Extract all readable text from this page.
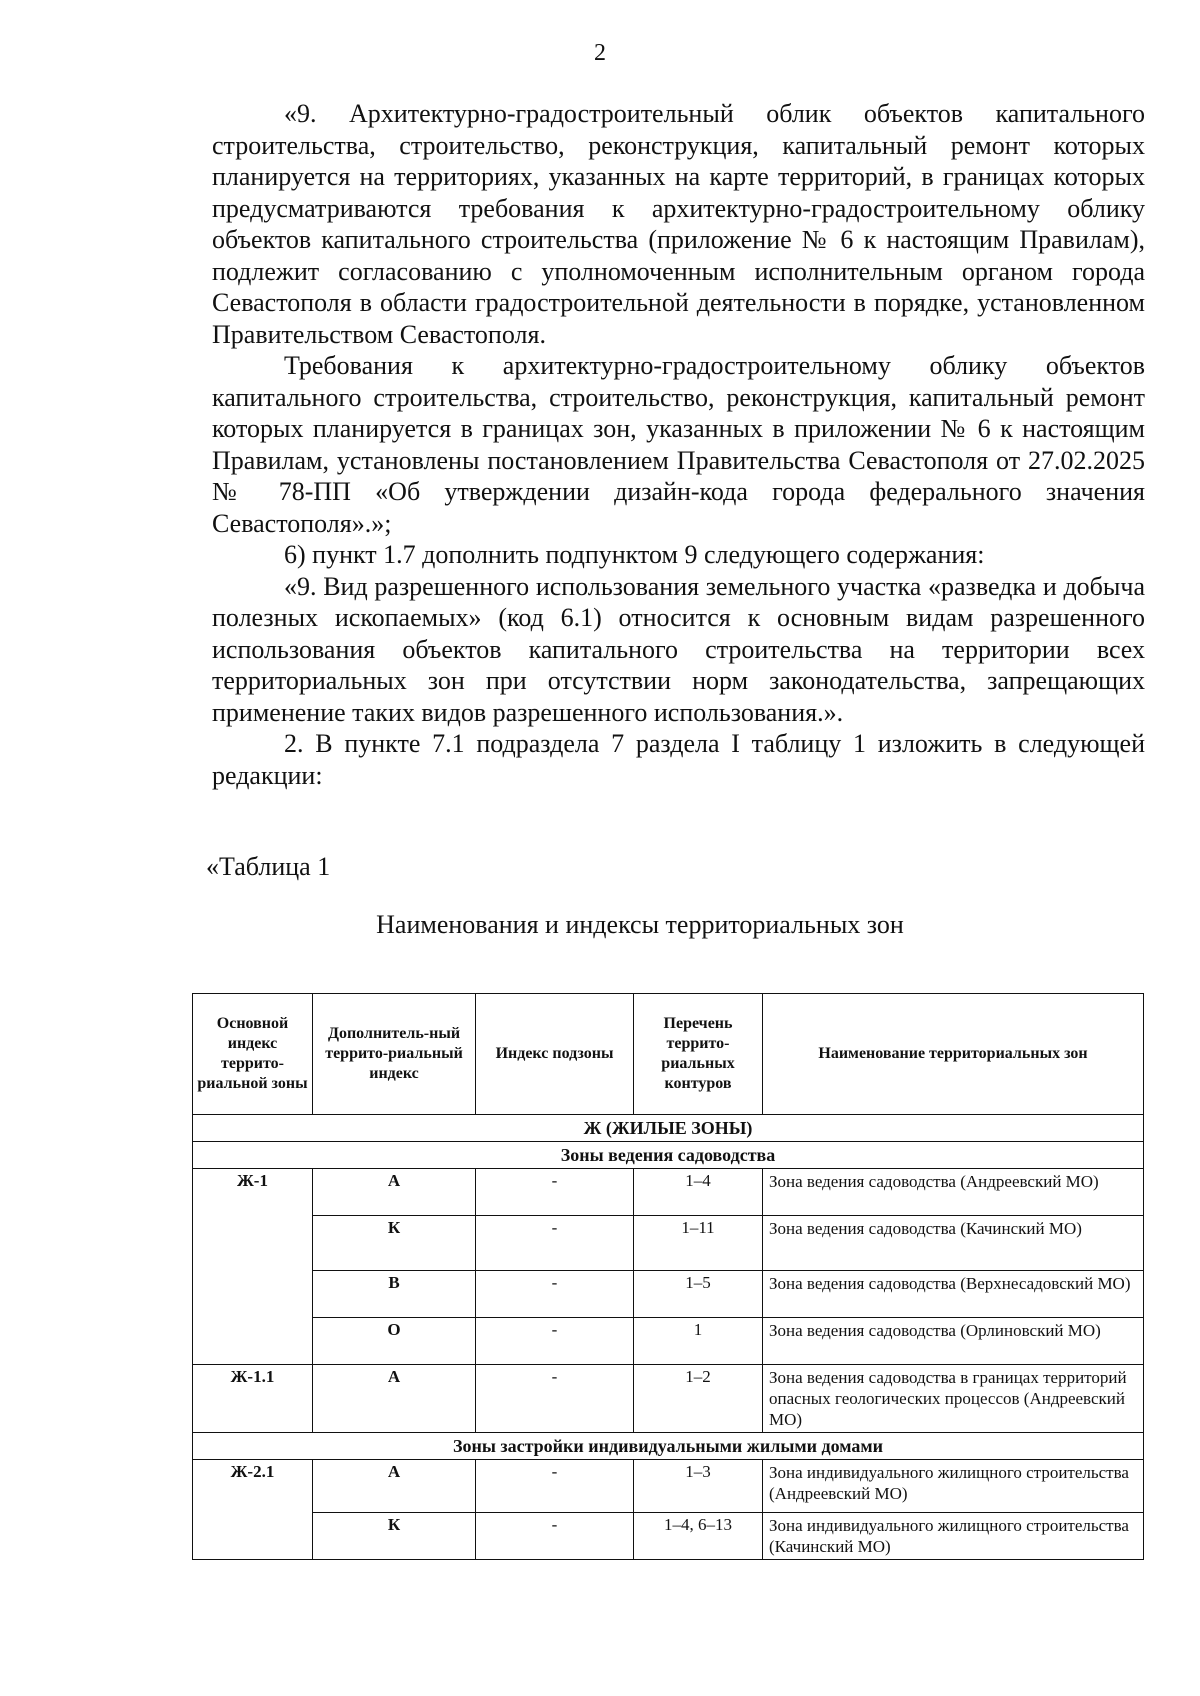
2

«9. Архитектурно-градостроительный облик объектов капитального строительства, строительство, реконструкция, капитальный ремонт которых планируется на территориях, указанных на карте территорий, в границах которых предусматриваются требования к архитектурно-градостроительному облику объектов капитального строительства (приложение № 6 к настоящим Правилам), подлежит согласованию с уполномоченным исполнительным органом города Севастополя в области градостроительной деятельности в порядке, установленном Правительством Севастополя.

Требования к архитектурно-градостроительному облику объектов капитального строительства, строительство, реконструкция, капитальный ремонт которых планируется в границах зон, указанных в приложении № 6 к настоящим Правилам, установлены постановлением Правительства Севастополя от 27.02.2025 № 78-ПП «Об утверждении дизайн-кода города федерального значения Севастополя».»;

6) пункт 1.7 дополнить подпунктом 9 следующего содержания:

«9. Вид разрешенного использования земельного участка «разведка и добыча полезных ископаемых» (код 6.1) относится к основным видам разрешенного использования объектов капитального строительства на территории всех территориальных зон при отсутствии норм законодательства, запрещающих применение таких видов разрешенного использования.».

2. В пункте 7.1 подраздела 7 раздела I таблицу 1 изложить в следующей редакции:

«Таблица 1
Наименования и индексы территориальных зон
Основной индекс террито-риальной зоны	Дополнитель-ный террито-риальный индекс	Индекс подзоны	Перечень террито-риальных контуров	Наименование территориальных зон
Ж (ЖИЛЫЕ ЗОНЫ)				
Зоны ведения садоводства				
Ж-1	А	-	1–4	Зона ведения садоводства (Андреевский МО)
	К	-	1–11	Зона ведения садоводства (Качинский МО)
	В	-	1–5	Зона ведения садоводства (Верхнесадовский МО)
	О	-	1	Зона ведения садоводства (Орлиновский МО)
Ж-1.1	А	-	1–2	Зона ведения садоводства в границах территорий опасных геологических процессов (Андреевский МО)
Зоны застройки индивидуальными жилыми домами				
Ж-2.1	А	-	1–3	Зона индивидуального жилищного строительства (Андреевский МО)
	К	-	1–4, 6–13	Зона индивидуального жилищного строительства (Качинский МО)
